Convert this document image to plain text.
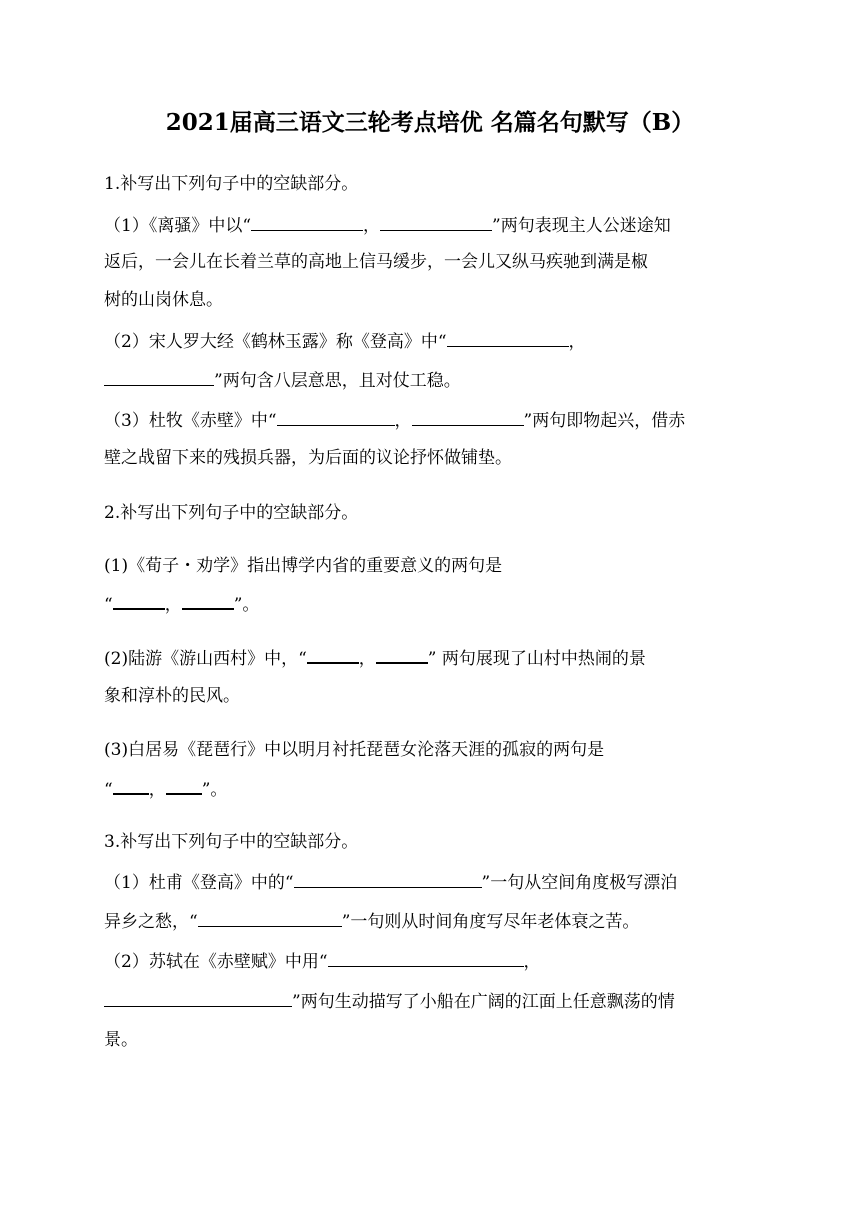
2021届高三语文三轮考点培优 名篇名句默写（B）
1.补写出下列句子中的空缺部分。
（1）《离骚》中以“	，	”两句表现主人公迷途知
返后，一会儿在长着兰草的高地上信马缓步，一会儿又纵马疾驰到满是椒
树的山岗休息。
（2）宋人罗大经《鹤林玉露》称《登高》中“	，
”两句含八层意思，且对仗工稳。
（3）杜牧《赤壁》中“	，	”两句即物起兴，借赤
壁之战留下来的残损兵器，为后面的议论抒怀做铺垫。
2.补写出下列句子中的空缺部分。
(1)《荀子・劝学》指出博学内省的重要意义的两句是
“	，	”。
(2)陆游《游山西村》中，“	，	” 两句展现了山村中热闹的景
象和淳朴的民风。
(3)白居易《琵琶行》中以明月衬托琵琶女沦落天涯的孤寂的两句是
“ ， ”。
3.补写出下列句子中的空缺部分。
（1）杜甫《登高》中的“	”一句从空间角度极写漂泊
异乡之愁，“	”一句则从时间角度写尽年老体衰之苦。
（2）苏轼在《赤壁赋》中用“	，
”两句生动描写了小船在广阔的江面上任意飘荡的情
景。
